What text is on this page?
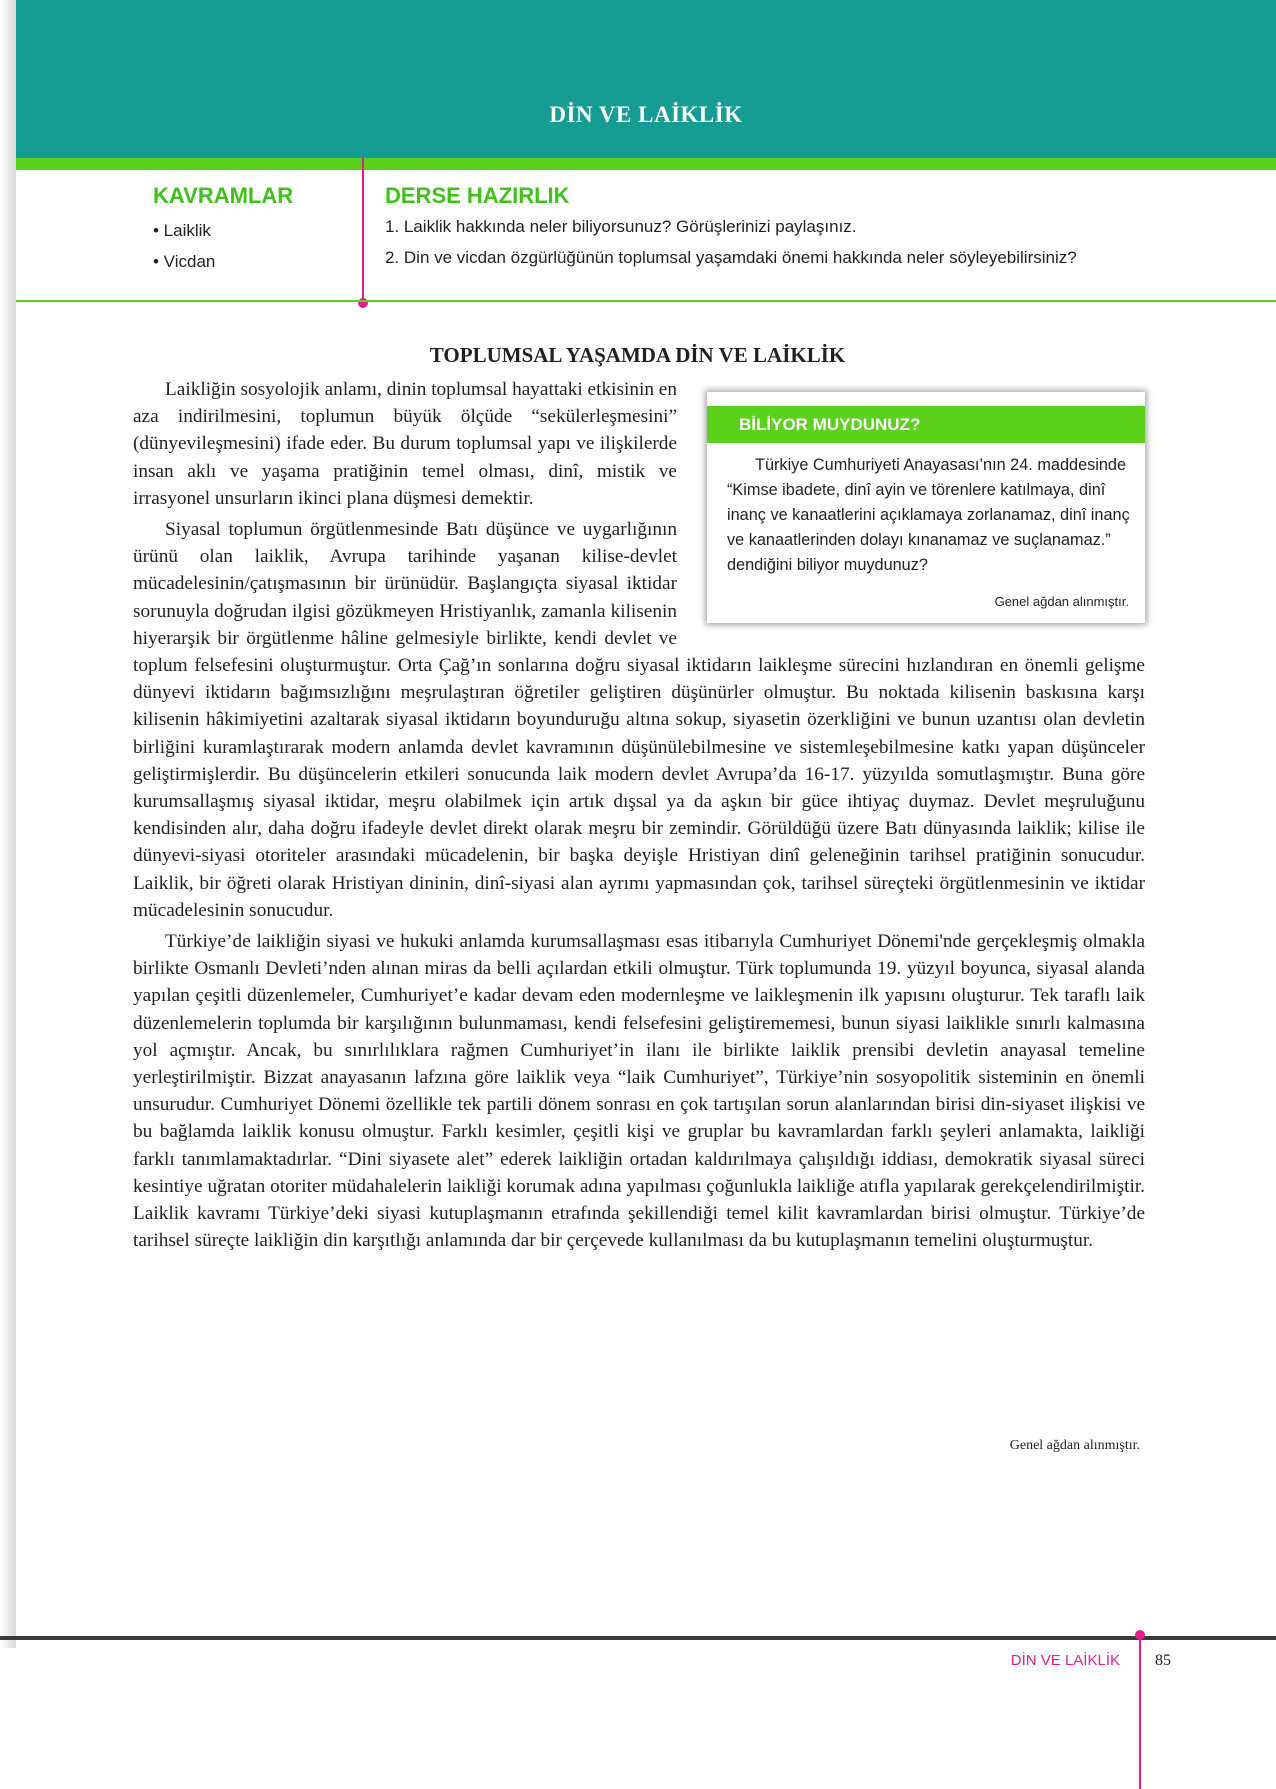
DİN VE LAİKLİK
KAVRAMLAR
• Laiklik
• Vicdan
DERSE HAZIRLIK
1. Laiklik hakkında neler biliyorsunuz? Görüşlerinizi paylaşınız.
2. Din ve vicdan özgürlüğünün toplumsal yaşamdaki önemi hakkında neler söyleyebilirsiniz?
TOPLUMSAL YAŞAMDA DİN VE LAİKLİK
BİLİYOR MUYDUNUZ?
Türkiye Cumhuriyeti Anayasası’nın 24. maddesinde “Kimse ibadete, dinî ayin ve törenlere katılmaya, dinî inanç ve kanaatlerini açıklamaya zorlanamaz, dinî inanç ve kanaatlerinden dolayı kınanamaz ve suçlanamaz.” dendiğini biliyor muydunuz?
Genel ağdan alınmıştır.

Laikliğin sosyolojik anlamı, dinin toplumsal hayattaki etkisinin en aza indirilmesini, toplumun büyük ölçüde “sekülerleşmesini” (dünyevileşmesini) ifade eder. Bu durum toplumsal yapı ve ilişkilerde insan aklı ve yaşama pratiğinin temel olması, dinî, mistik ve irrasyonel unsurların ikinci plana düşmesi demektir.

Siyasal toplumun örgütlenmesinde Batı düşünce ve uygarlığının ürünü olan laiklik, Avrupa tarihinde yaşanan kilise-devlet mücadelesinin/çatışmasının bir ürünüdür. Başlangıçta siyasal iktidar sorunuyla doğrudan ilgisi gözükmeyen Hristiyanlık, zamanla kilisenin hiyerarşik bir örgütlenme hâline gelmesiyle birlikte, kendi devlet ve toplum felsefesini oluşturmuştur. Orta Çağ’ın sonlarına doğru siyasal iktidarın laikleşme sürecini hızlandıran en önemli gelişme dünyevi iktidarın bağımsızlığını meşrulaştıran öğretiler geliştiren düşünürler olmuştur. Bu noktada kilisenin baskısına karşı kilisenin hâkimiyetini azaltarak siyasal iktidarın boyunduruğu altına sokup, siyasetin özerkliğini ve bunun uzantısı olan devletin birliğini kuramlaştırarak modern anlamda devlet kavramının düşünülebilmesine ve sistemleşebilmesine katkı yapan düşünceler geliştirmişlerdir. Bu düşüncelerin etkileri sonucunda laik modern devlet Avrupa’da 16-17. yüzyılda somutlaşmıştır. Buna göre kurumsallaşmış siyasal iktidar, meşru olabilmek için artık dışsal ya da aşkın bir güce ihtiyaç duymaz. Devlet meşruluğunu kendisinden alır, daha doğru ifadeyle devlet direkt olarak meşru bir zemindir. Görüldüğü üzere Batı dünyasında laiklik; kilise ile dünyevi-siyasi otoriteler arasındaki mücadelenin, bir başka deyişle Hristiyan dinî geleneğinin tarihsel pratiğinin sonucudur. Laiklik, bir öğreti olarak Hristiyan dininin, dinî-siyasi alan ayrımı yapmasından çok, tarihsel süreçteki örgütlenmesinin ve iktidar mücadelesinin sonucudur.

Türkiye’de laikliğin siyasi ve hukuki anlamda kurumsallaşması esas itibarıyla Cumhuriyet Dönemi'nde gerçekleşmiş olmakla birlikte Osmanlı Devleti’nden alınan miras da belli açılardan etkili olmuştur. Türk toplumunda 19. yüzyıl boyunca, siyasal alanda yapılan çeşitli düzenlemeler, Cumhuriyet’e kadar devam eden modernleşme ve laikleşmenin ilk yapısını oluşturur. Tek taraflı laik düzenlemelerin toplumda bir karşılığının bulunmaması, kendi felsefesini geliştirememesi, bunun siyasi laiklikle sınırlı kalmasına yol açmıştır. Ancak, bu sınırlılıklara rağmen Cumhuriyet’in ilanı ile birlikte laiklik prensibi devletin anayasal temeline yerleştirilmiştir. Bizzat anayasanın lafzına göre laiklik veya “laik Cumhuriyet”, Türkiye’nin sosyopolitik sisteminin en önemli unsurudur. Cumhuriyet Dönemi özellikle tek partili dönem sonrası en çok tartışılan sorun alanlarından birisi din-siyaset ilişkisi ve bu bağlamda laiklik konusu olmuştur. Farklı kesimler, çeşitli kişi ve gruplar bu kavramlardan farklı şeyleri anlamakta, laikliği farklı tanımlamaktadırlar. “Dini siyasete alet” ederek laikliğin ortadan kaldırılmaya çalışıldığı iddiası, demokratik siyasal süreci kesintiye uğratan otoriter müdahalelerin laikliği korumak adına yapılması çoğunlukla laikliğe atıfla yapılarak gerekçelendirilmiştir. Laiklik kavramı Türkiye’deki siyasi kutuplaşmanın etrafında şekillendiği temel kilit kavramlardan birisi olmuştur. Türkiye’de tarihsel süreçte laikliğin din karşıtlığı anlamında dar bir çerçevede kullanılması da bu kutuplaşmanın temelini oluşturmuştur.

Genel ağdan alınmıştır.
DİN VE LAİKLİK 85
